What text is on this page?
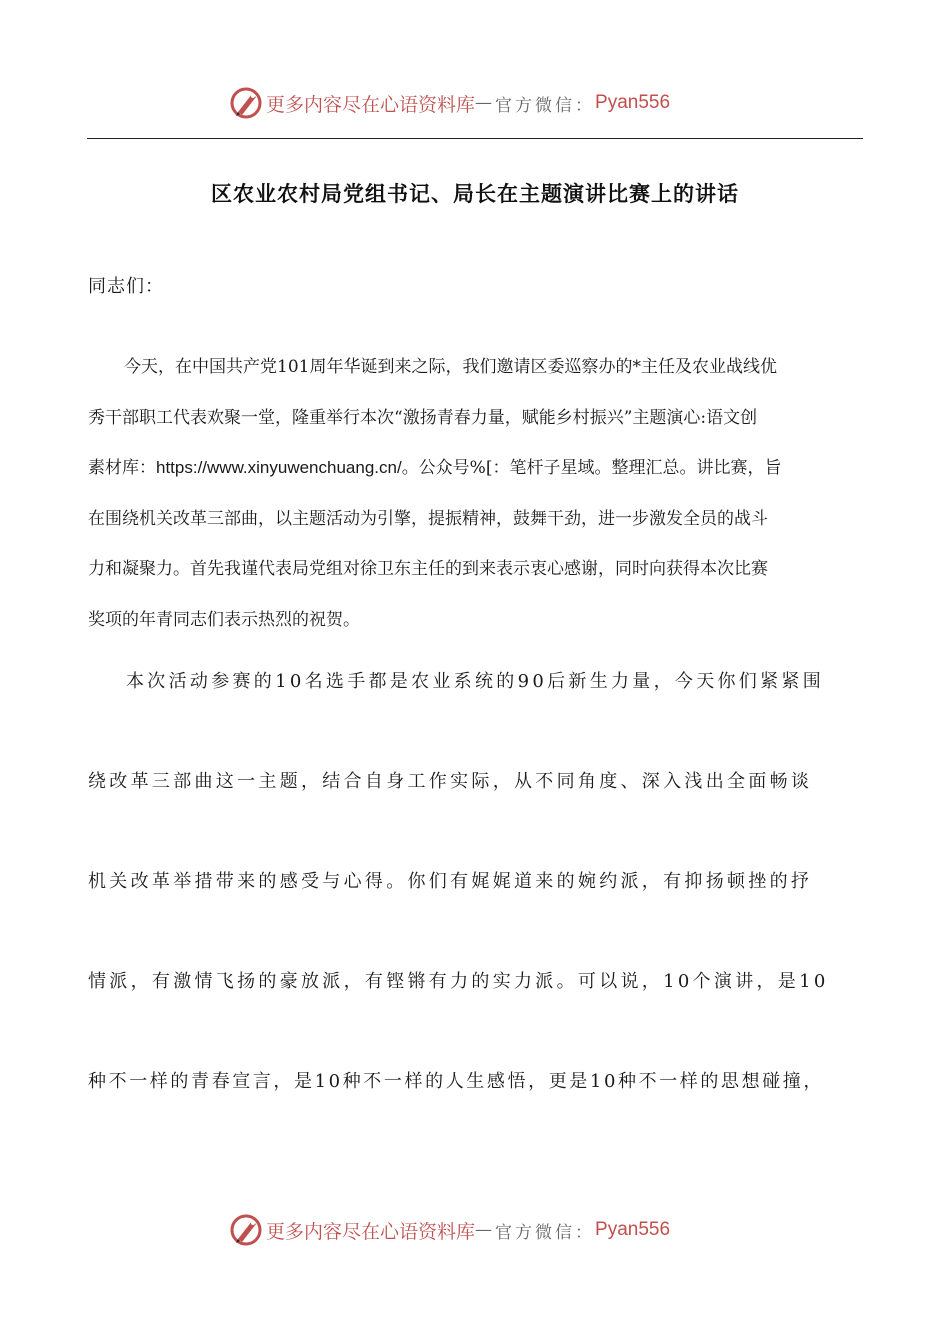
更多内容尽在心语资料库 — 官方微信： Pyan556
区农业农村局党组书记、局长在主题演讲比赛上的讲话
同志们：
今天，在中国共产党101周年华诞到来之际，我们邀请区委巡察办的*主任及农业战线优
秀干部职工代表欢聚一堂，隆重举行本次“激扬青春力量，赋能乡村振兴”主题演心:语文创
素材库：https://www.xinyuwenchuang.cn/。公众号%[：笔杆子星域。整理汇总。讲比赛，旨
在围绕机关改革三部曲，以主题活动为引擎，提振精神，鼓舞干劲，进一步激发全员的战斗
力和凝聚力。首先我谨代表局党组对徐卫东主任的到来表示衷心感谢，同时向获得本次比赛
奖项的年青同志们表示热烈的祝贺。
本次活动参赛的10名选手都是农业系统的90后新生力量，今天你们紧紧围
绕改革三部曲这一主题，结合自身工作实际，从不同角度、深入浅出全面畅谈
机关改革举措带来的感受与心得。你们有娓娓道来的婉约派，有抑扬顿挫的抒
情派，有激情飞扬的豪放派，有铿锵有力的实力派。可以说，10个演讲，是10
种不一样的青春宣言，是10种不一样的人生感悟，更是10种不一样的思想碰撞，
更多内容尽在心语资料库 — 官方微信： Pyan556
